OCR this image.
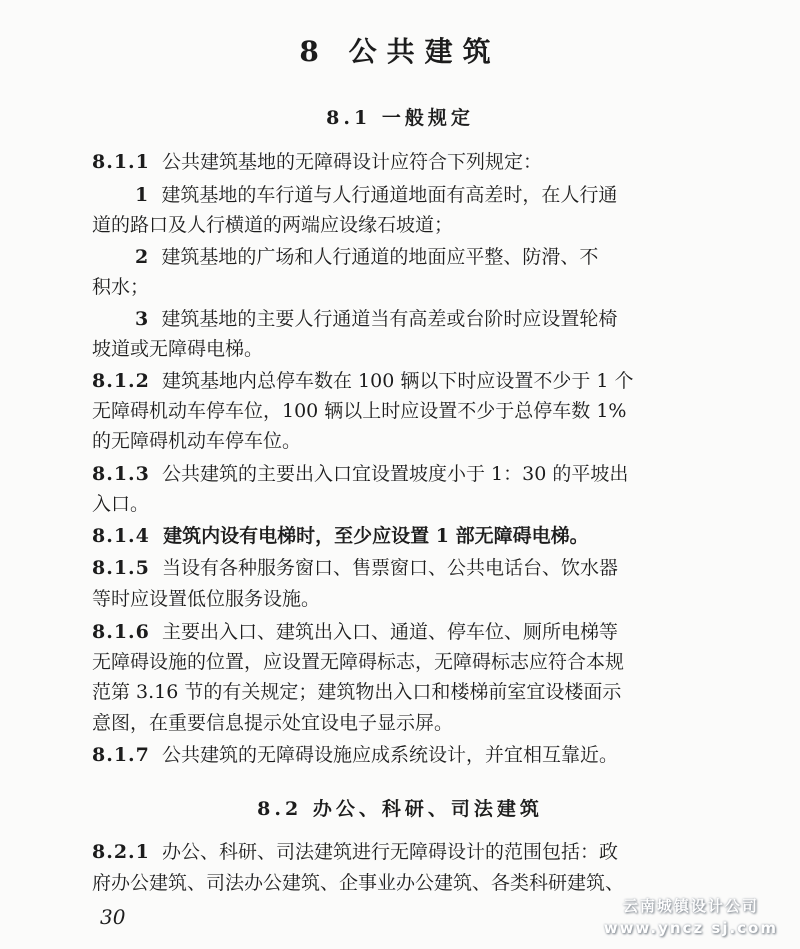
8 公共建筑
8.1 一般规定
8.1.1 公共建筑基地的无障碍设计应符合下列规定：
1 建筑基地的车行道与人行通道地面有高差时，在人行通
道的路口及人行横道的两端应设缘石坡道；
2 建筑基地的广场和人行通道的地面应平整、防滑、不
积水；
3 建筑基地的主要人行通道当有高差或台阶时应设置轮椅
坡道或无障碍电梯。
8.1.2 建筑基地内总停车数在 100 辆以下时应设置不少于 1 个
无障碍机动车停车位，100 辆以上时应设置不少于总停车数 1%
的无障碍机动车停车位。
8.1.3 公共建筑的主要出入口宜设置坡度小于 1：30 的平坡出
入口。
8.1.4 建筑内设有电梯时，至少应设置 1 部无障碍电梯。
8.1.5 当设有各种服务窗口、售票窗口、公共电话台、饮水器
等时应设置低位服务设施。
8.1.6 主要出入口、建筑出入口、通道、停车位、厕所电梯等
无障碍设施的位置，应设置无障碍标志，无障碍标志应符合本规
范第 3.16 节的有关规定；建筑物出入口和楼梯前室宜设楼面示
意图，在重要信息提示处宜设电子显示屏。
8.1.7 公共建筑的无障碍设施应成系统设计，并宜相互靠近。
8.2 办公、科研、司法建筑
8.2.1 办公、科研、司法建筑进行无障碍设计的范围包括：政
府办公建筑、司法办公建筑、企事业办公建筑、各类科研建筑、
30	云南城镇设计公司
www.yncz sj.com
